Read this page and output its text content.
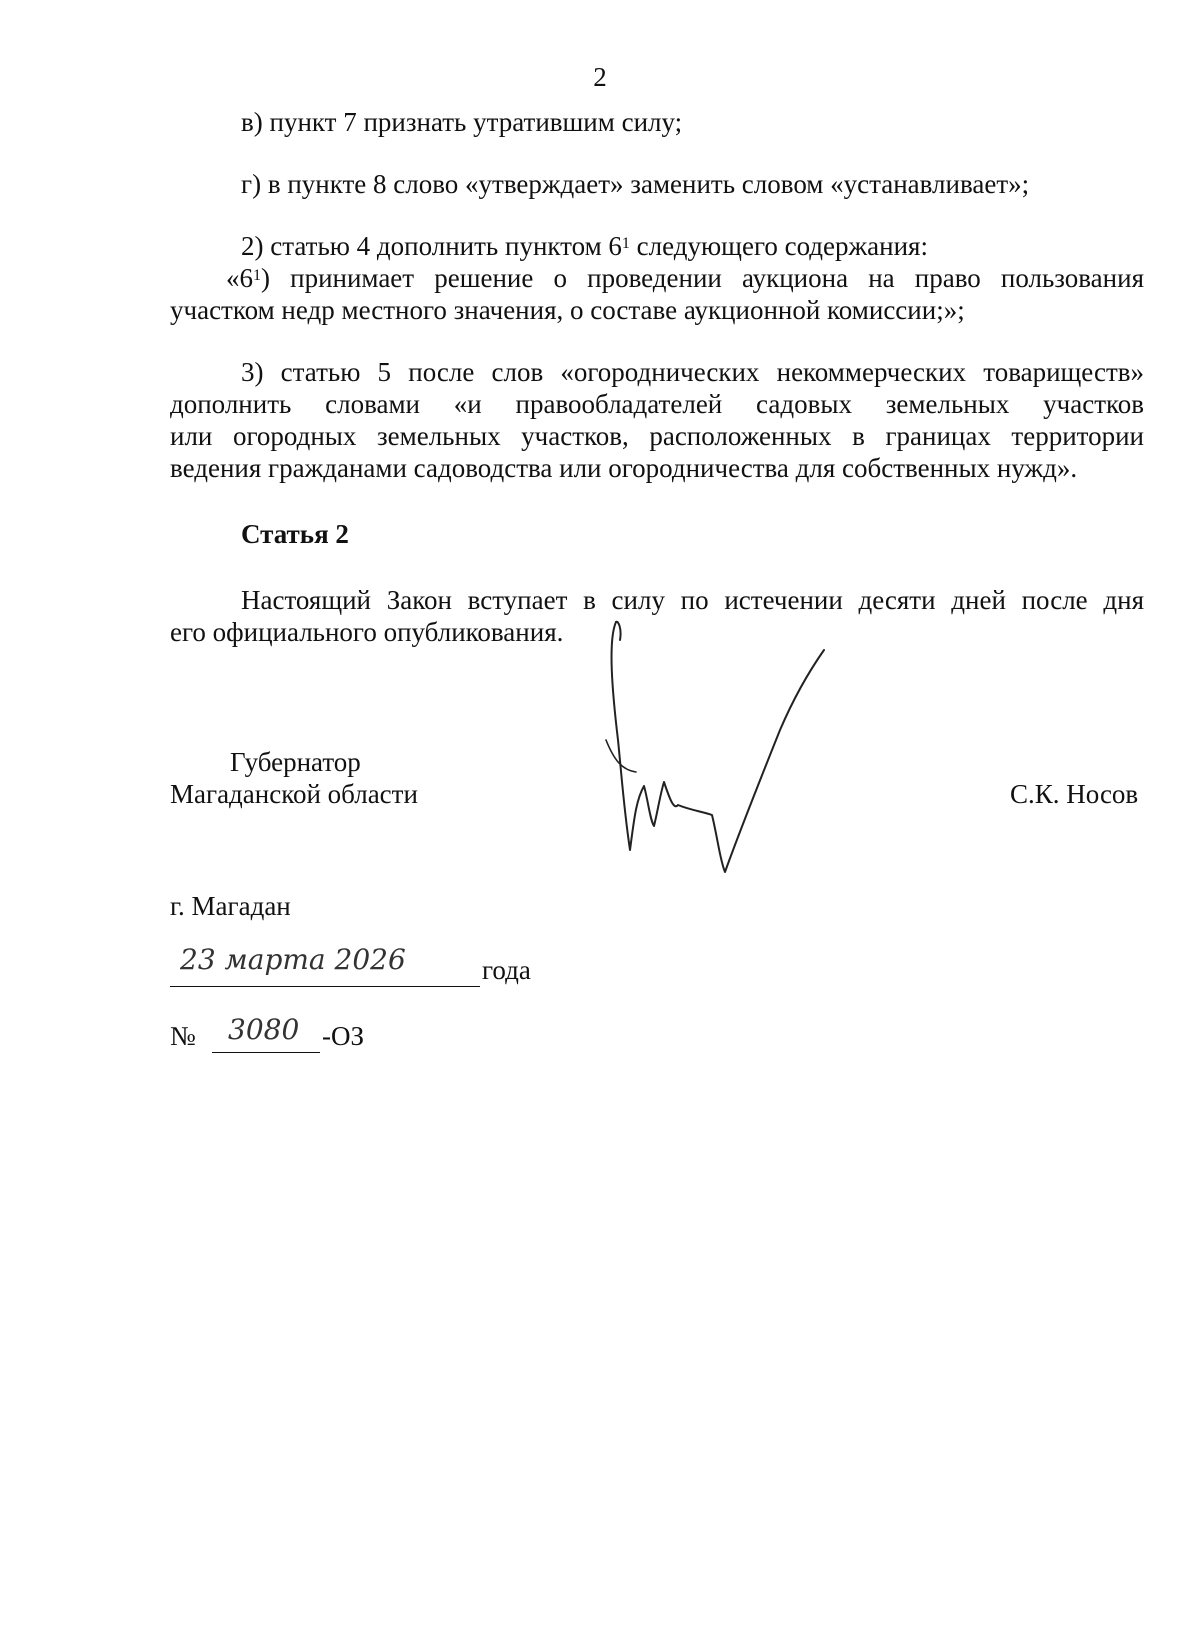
2
в) пункт 7 признать утратившим силу;
г) в пункте 8 слово «утверждает» заменить словом «устанавливает»;
2) статью 4 дополнить пунктом $6^1$ следующего содержания:
«$6^1$) принимает решение о проведении аукциона на право пользования
участком недр местного значения, о составе аукционной комиссии;»;
3) статью 5 после слов «огороднических некоммерческих товариществ»
дополнить словами «и правообладателей садовых земельных участков
или огородных земельных участков, расположенных в границах территории
ведения гражданами садоводства или огородничества для собственных нужд».
Статья 2
Настоящий Закон вступает в силу по истечении десяти дней после дня
его официального опубликования.
Губернатор
Магаданской области	С.К. Носов
г. Магадан
23 марта 2026	года
№ 3080 -ОЗ
